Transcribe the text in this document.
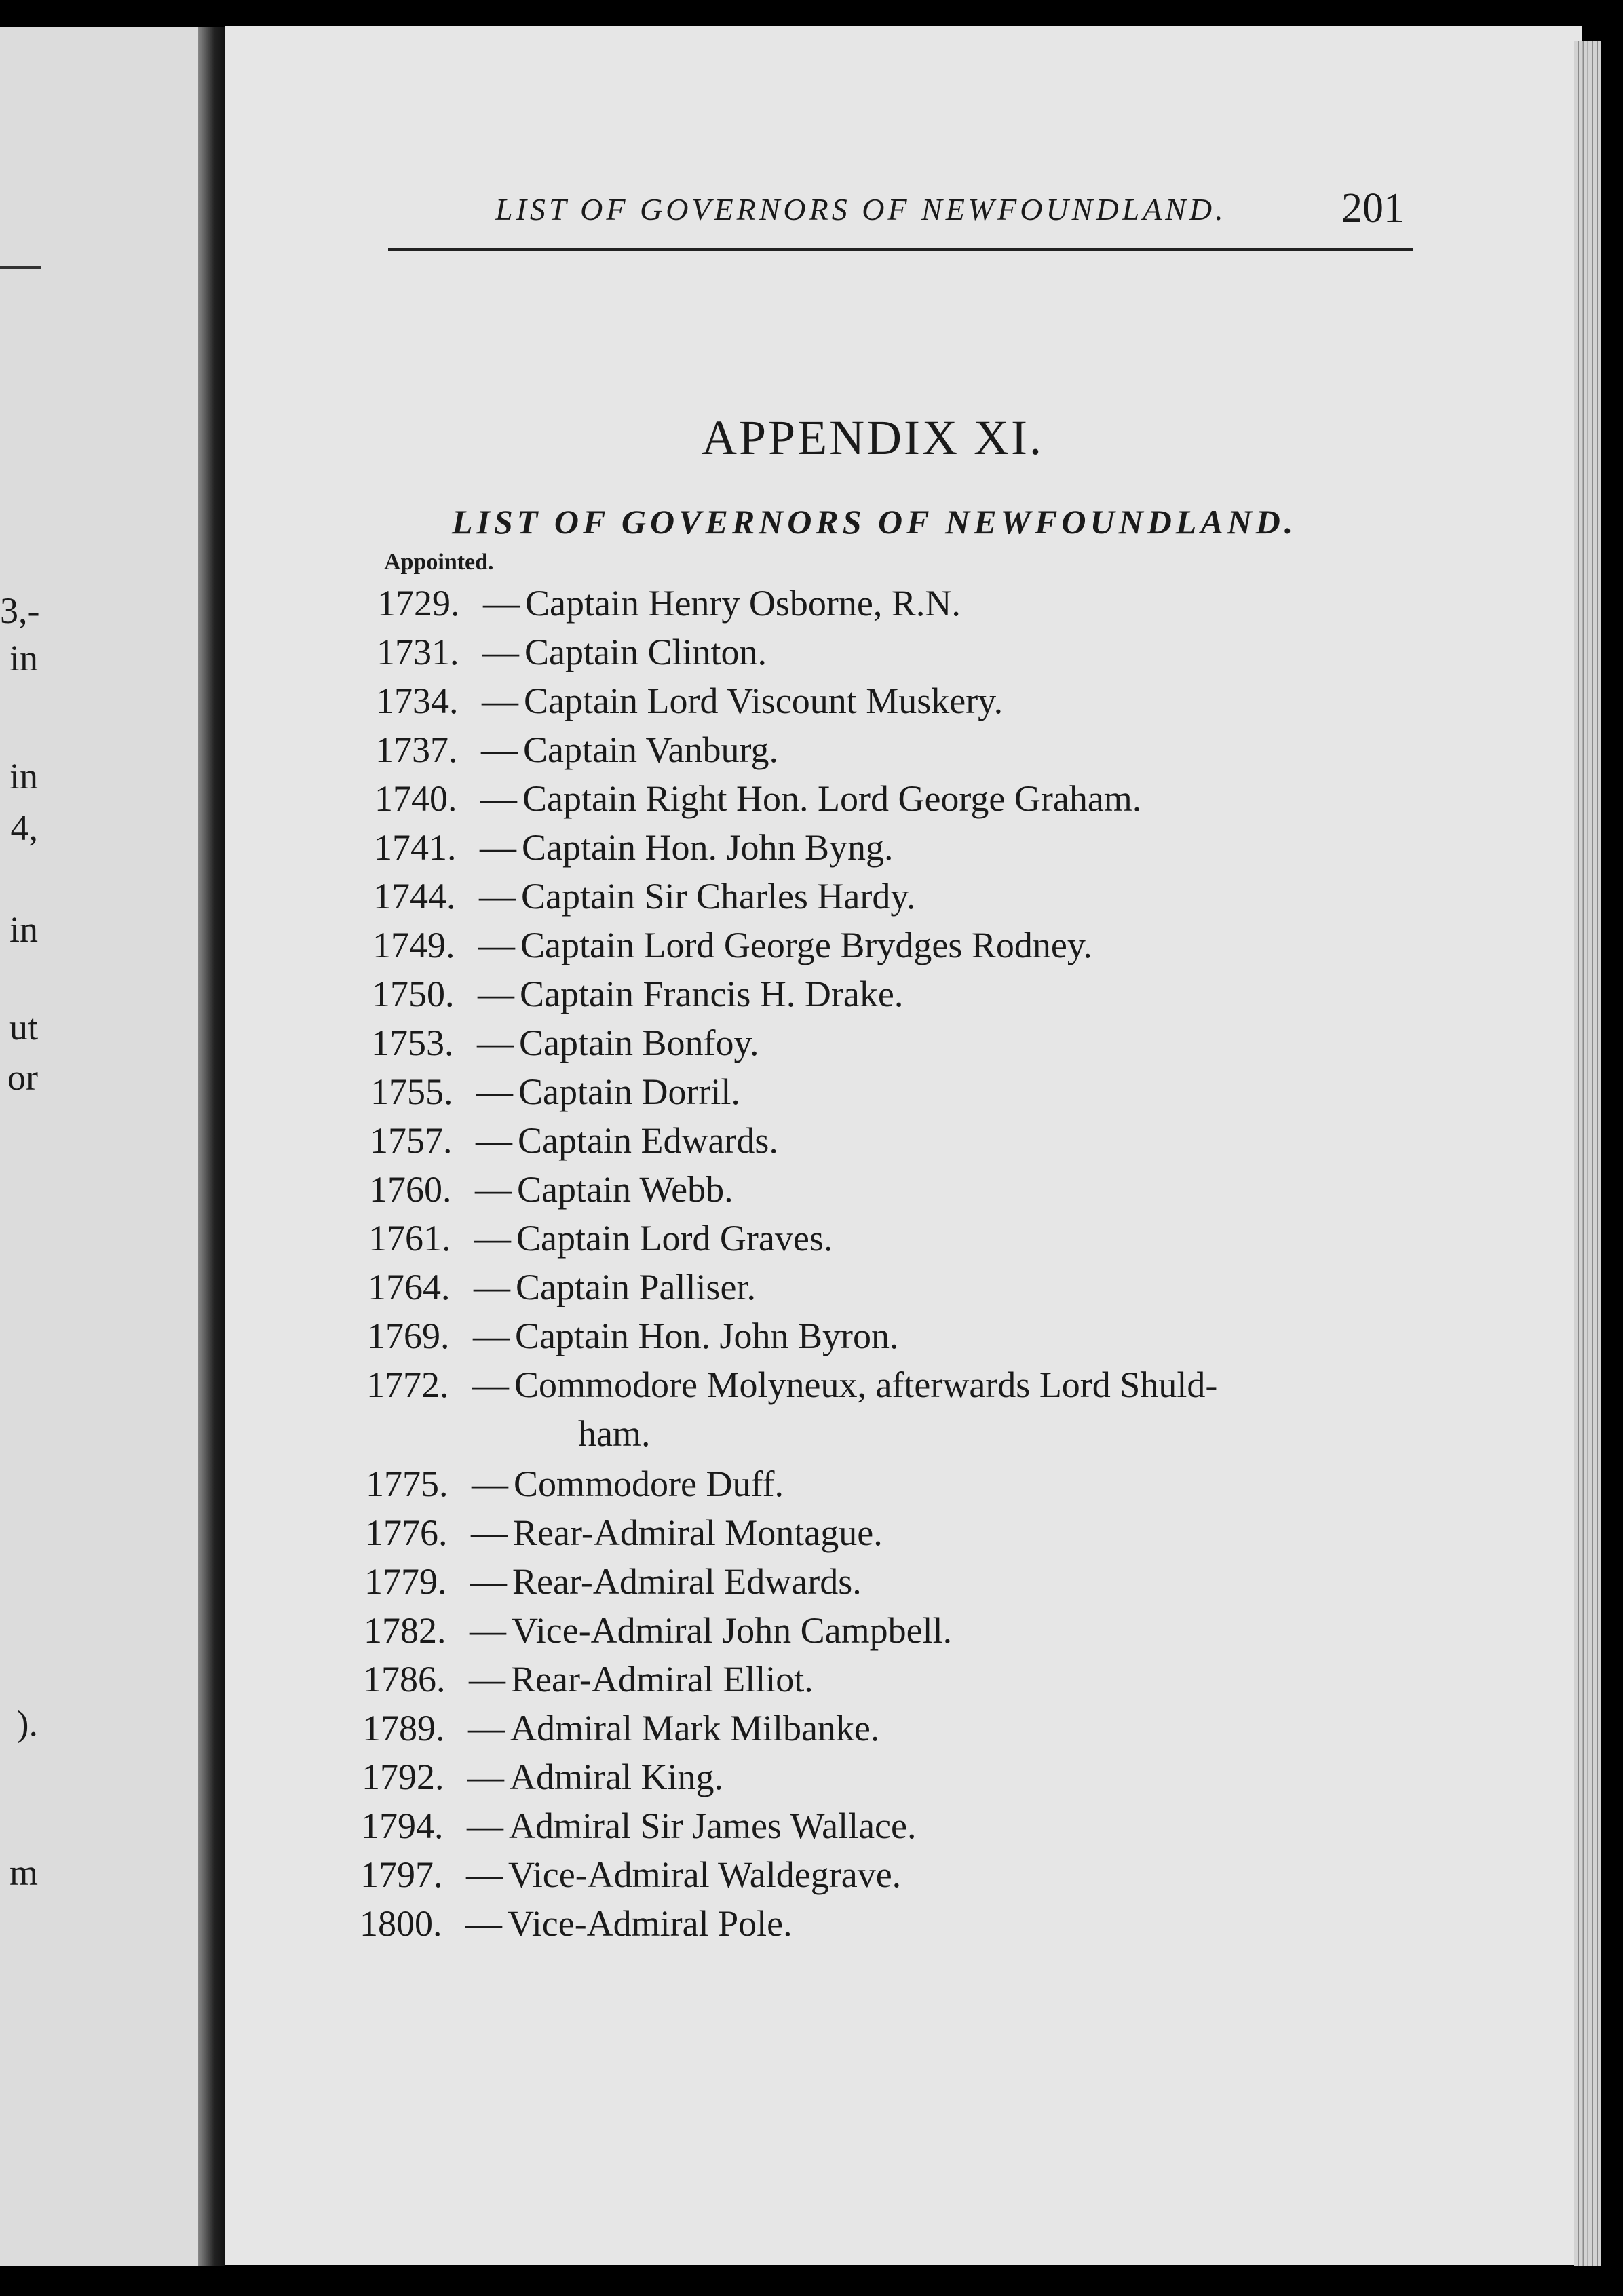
3,-
in
in
4,
in
ut
or
).
m
LIST OF GOVERNORS OF NEWFOUNDLAND.	201
APPENDIX XI.
LIST OF GOVERNORS OF NEWFOUNDLAND.
Appointed.
1729. — Captain Henry Osborne, R.N.
1731. — Captain Clinton.
1734. — Captain Lord Viscount Muskery.
1737. — Captain Vanburg.
1740. — Captain Right Hon. Lord George Graham.
1741. — Captain Hon. John Byng.
1744. — Captain Sir Charles Hardy.
1749. — Captain Lord George Brydges Rodney.
1750. — Captain Francis H. Drake.
1753. — Captain Bonfoy.
1755. — Captain Dorril.
1757. — Captain Edwards.
1760. — Captain Webb.
1761. — Captain Lord Graves.
1764. — Captain Palliser.
1769. — Captain Hon. John Byron.
1772. — Commodore Molyneux, afterwards Lord Shuld-
ham.
1775. — Commodore Duff.
1776. — Rear-Admiral Montague.
1779. — Rear-Admiral Edwards.
1782. — Vice-Admiral John Campbell.
1786. — Rear-Admiral Elliot.
1789. — Admiral Mark Milbanke.
1792. — Admiral King.
1794. — Admiral Sir James Wallace.
1797. — Vice-Admiral Waldegrave.
1800. — Vice-Admiral Pole.
